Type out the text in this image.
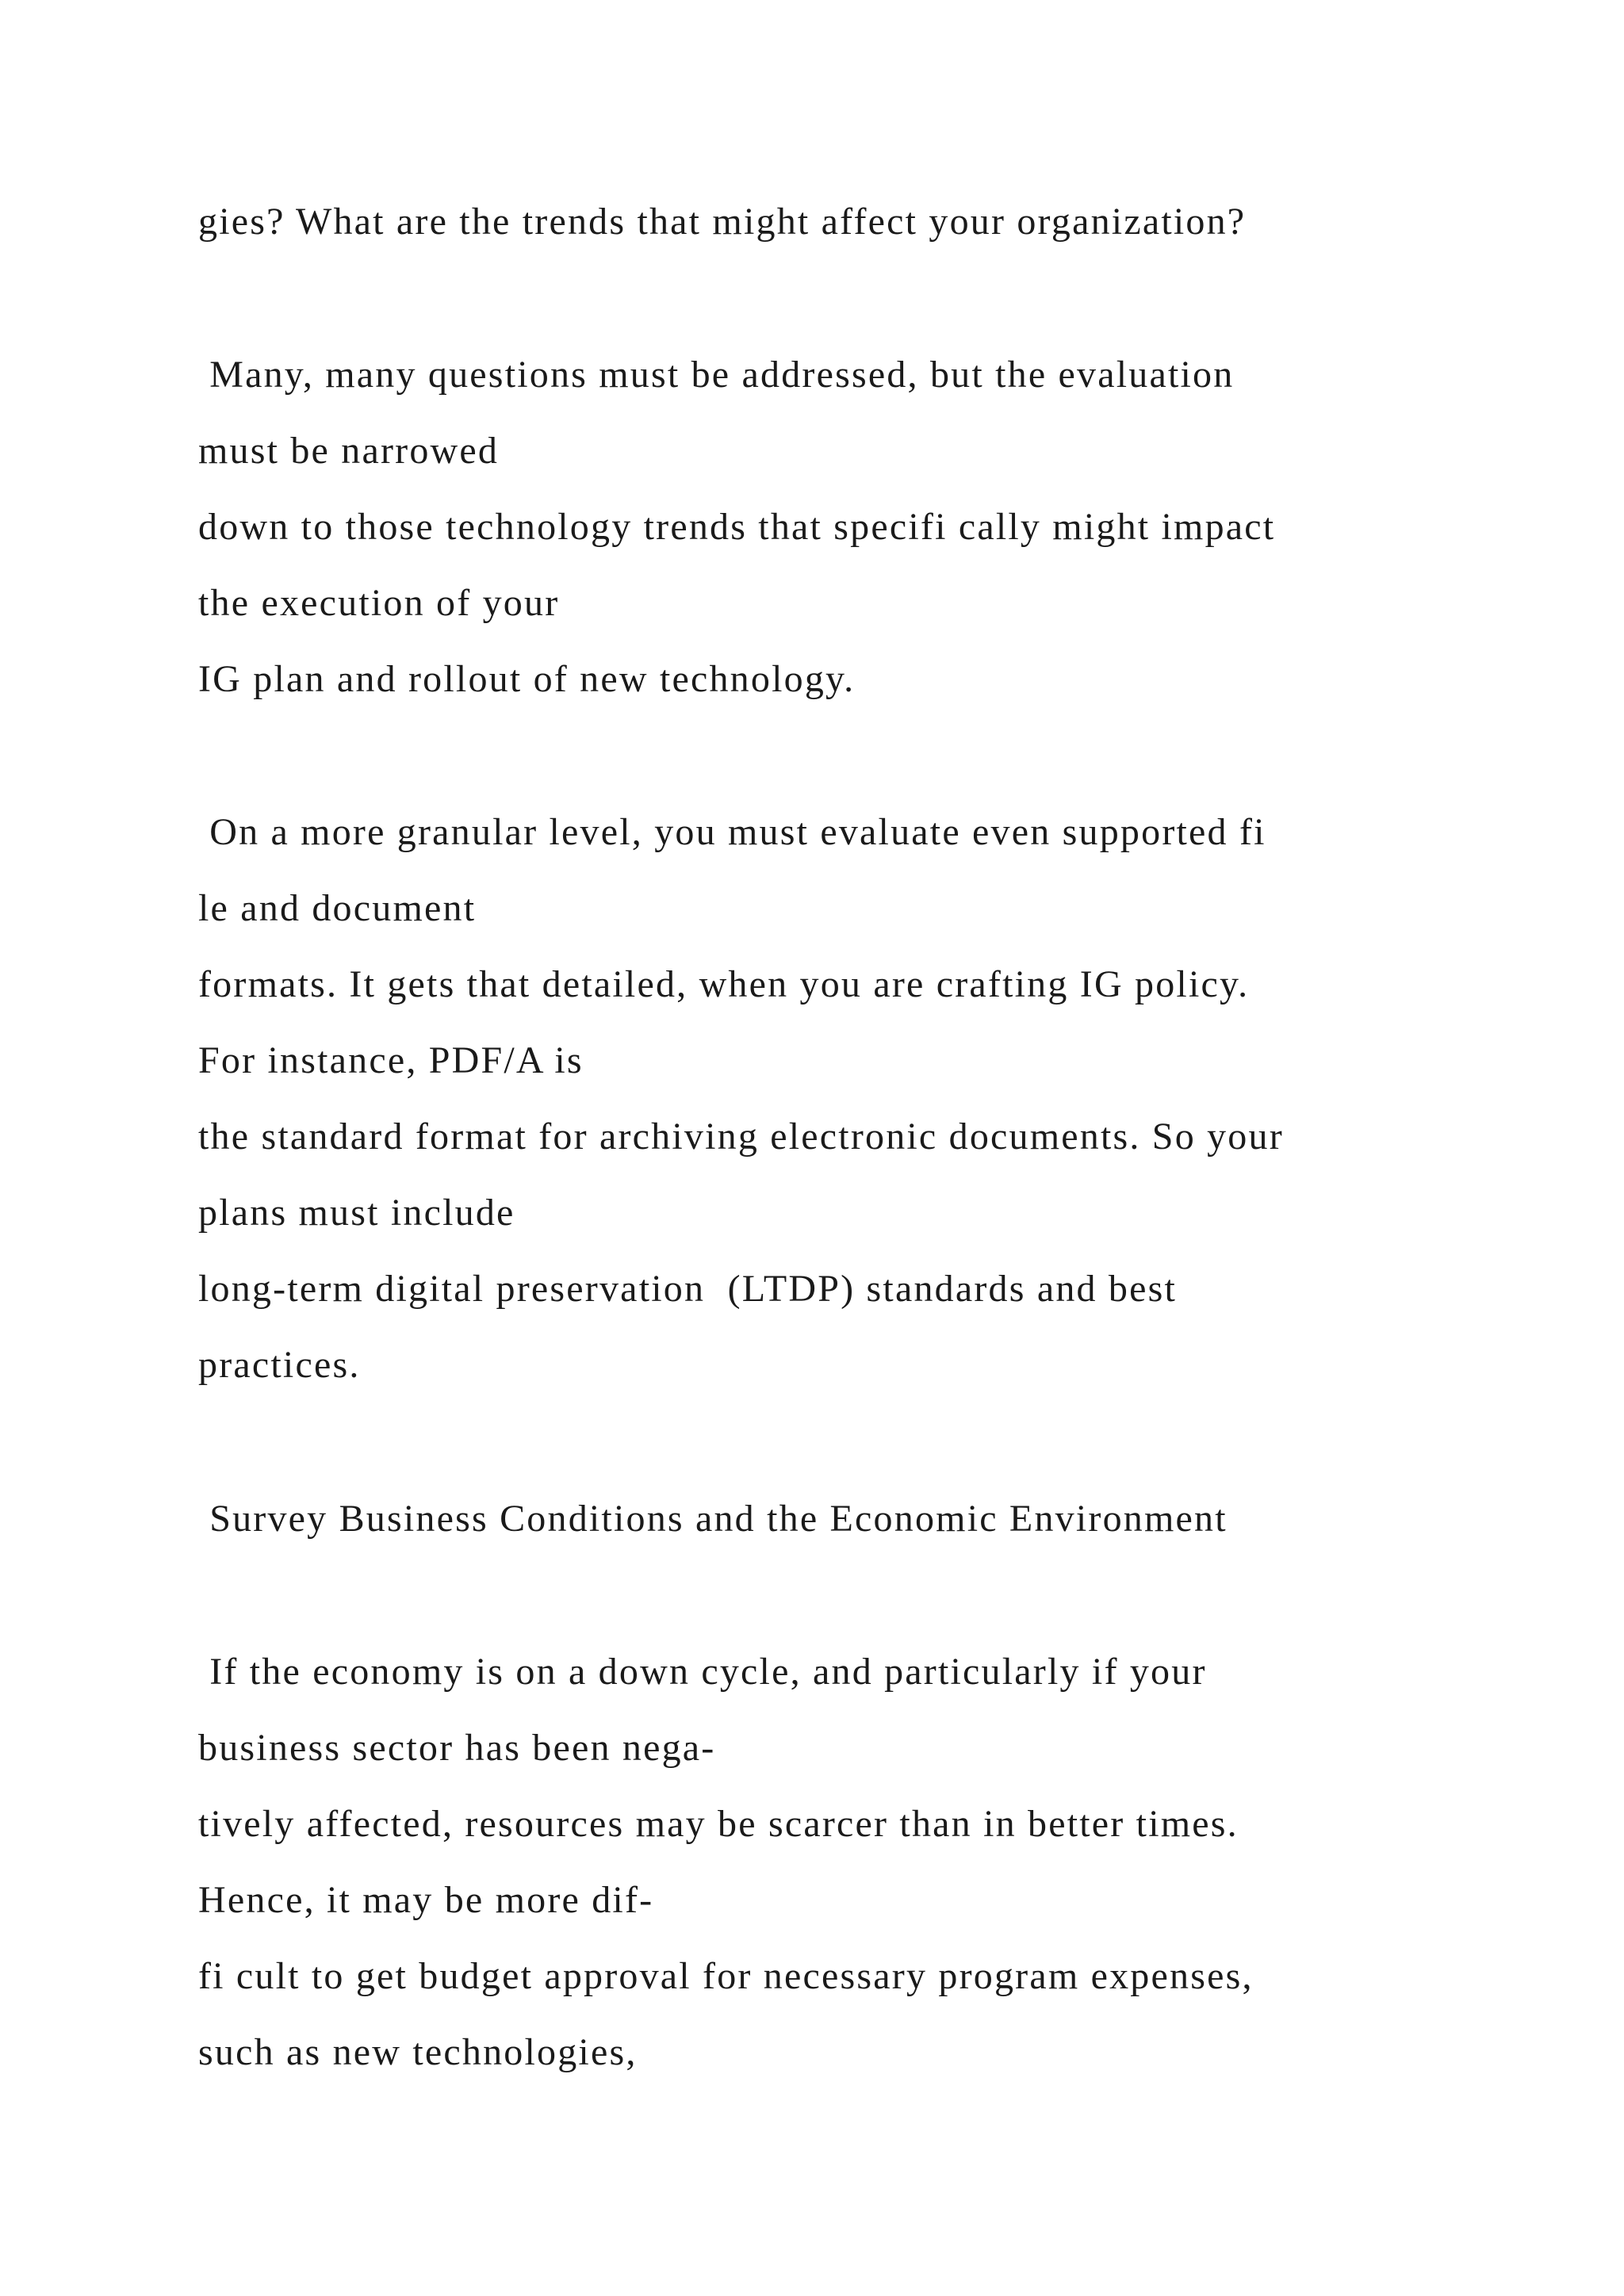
gies? What are the trends that might affect your organization?
Many, many questions must be addressed, but the evaluation
must be narrowed
down to those technology trends that specifi cally might impact
the execution of your
IG plan and rollout of new technology.
On a more granular level, you must evaluate even supported fi
le and document
formats. It gets that detailed, when you are crafting IG policy.
For instance, PDF/A is
the standard format for archiving electronic documents. So your
plans must include
long-term digital preservation  (LTDP) standards and best
practices.
Survey Business Conditions and the Economic Environment
If the economy is on a down cycle, and particularly if your
business sector has been nega-
tively affected, resources may be scarcer than in better times.
Hence, it may be more dif-
fi cult to get budget approval for necessary program expenses,
such as new technologies,
